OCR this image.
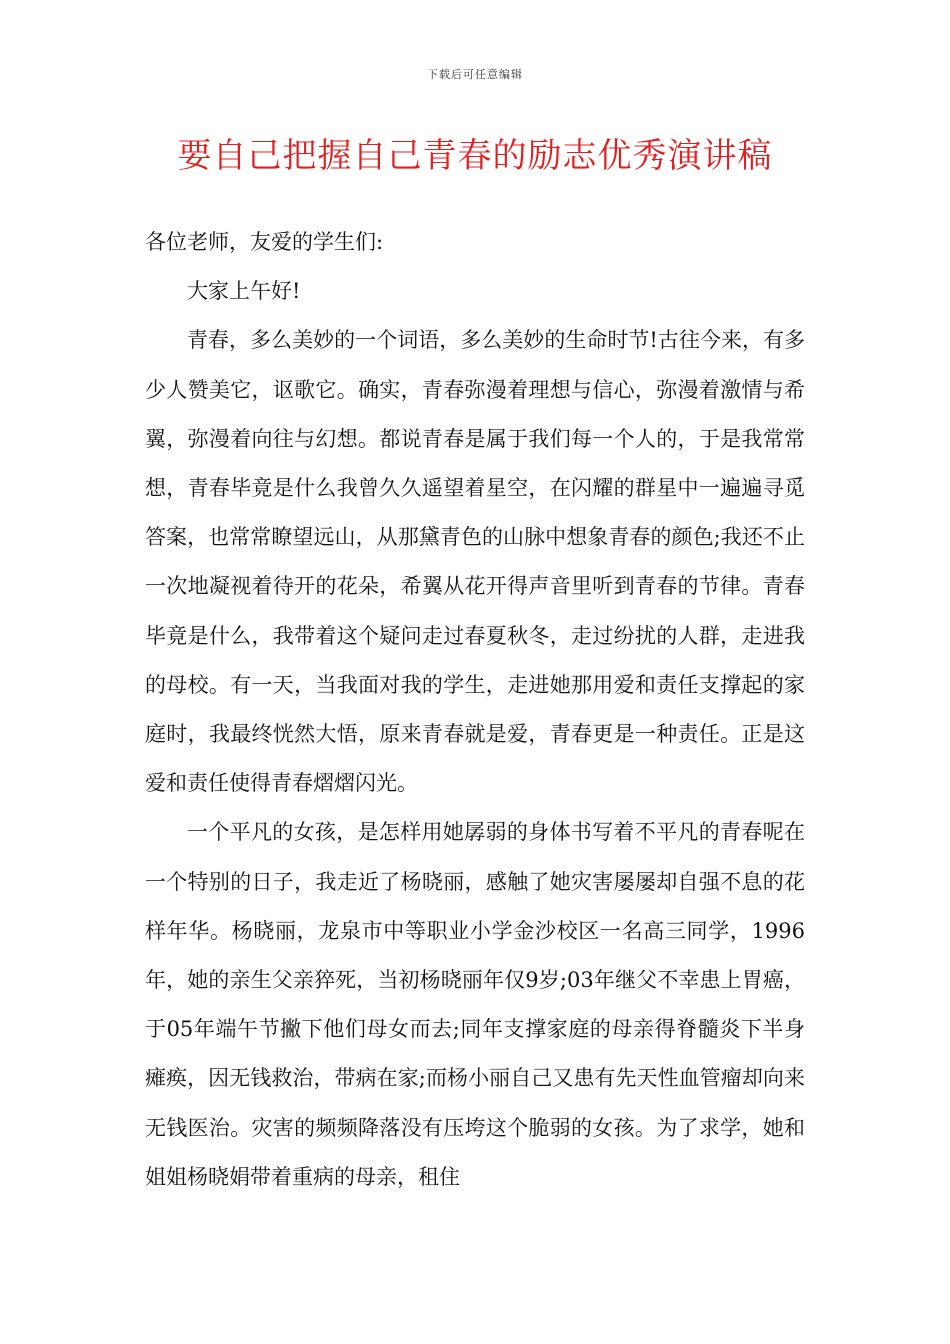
下载后可任意编辑
要自己把握自己青春的励志优秀演讲稿

各位老师，友爱的学生们:

大家上午好!

青春，多么美妙的一个词语，多么美妙的生命时节!古往今来，有多少人赞美它，讴歌它。确实，青春弥漫着理想与信心，弥漫着激情与希翼，弥漫着向往与幻想。都说青春是属于我们每一个人的，于是我常常想，青春毕竟是什么我曾久久遥望着星空，在闪耀的群星中一遍遍寻觅答案，也常常瞭望远山，从那黛青色的山脉中想象青春的颜色;我还不止一次地凝视着待开的花朵，希翼从花开得声音里听到青春的节律。青春毕竟是什么，我带着这个疑问走过春夏秋冬，走过纷扰的人群，走进我的母校。有一天，当我面对我的学生，走进她那用爱和责任支撑起的家庭时，我最终恍然大悟，原来青春就是爱，青春更是一种责任。正是这爱和责任使得青春熠熠闪光。

一个平凡的女孩，是怎样用她孱弱的身体书写着不平凡的青春呢在一个特别的日子，我走近了杨晓丽，感触了她灾害屡屡却自强不息的花样年华。杨晓丽，龙泉市中等职业小学金沙校区一名高三同学，1996年，她的亲生父亲猝死，当初杨晓丽年仅9岁;03年继父不幸患上胃癌，于05年端午节撇下他们母女而去;同年支撑家庭的母亲得脊髓炎下半身瘫痪，因无钱救治，带病在家;而杨小丽自己又患有先天性血管瘤却向来无钱医治。灾害的频频降落没有压垮这个脆弱的女孩。为了求学，她和姐姐杨晓娟带着重病的母亲，租住
